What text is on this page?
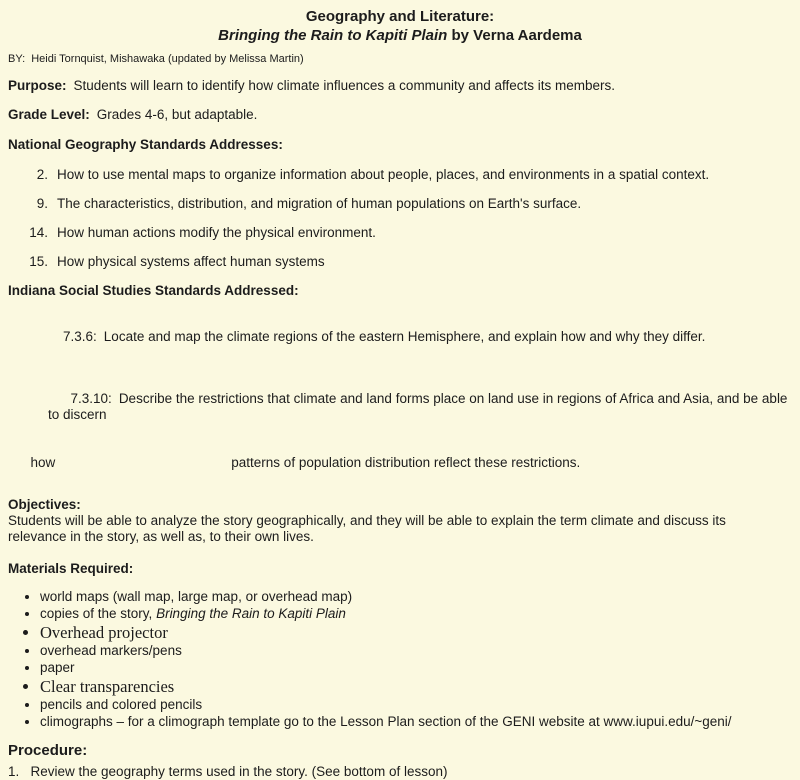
Geography and Literature:
Bringing the Rain to Kapiti Plain by Verna Aardema
BY:  Heidi Tornquist, Mishawaka (updated by Melissa Martin)
Purpose: Students will learn to identify how climate influences a community and affects its members.
Grade Level: Grades 4-6, but adaptable.
National Geography Standards Addresses:
2. How to use mental maps to organize information about people, places, and environments in a spatial context.
9. The characteristics, distribution, and migration of human populations on Earth's surface.
14. How human actions modify the physical environment.
15. How physical systems affect human systems
Indiana Social Studies Standards Addressed:

7.3.6: Locate and map the climate regions of the eastern Hemisphere, and explain how and why they differ.

7.3.10: Describe the restrictions that climate and land forms place on land use in regions of Africa and Asia, and be able to discern

how	patterns of population distribution reflect these restrictions.

Objectives:
Students will be able to analyze the story geographically, and they will be able to explain the term climate and discuss its relevance in the story, as well as, to their own lives.
Materials Required:
• world maps (wall map, large map, or overhead map)
• copies of the story, Bringing the Rain to Kapiti Plain
• Overhead projector
• overhead markers/pens
• paper
• Clear transparencies
• pencils and colored pencils
• climographs – for a climograph template go to the Lesson Plan section of the GENI website at www.iupui.edu/~geni/
Procedure:
1.   Review the geography terms used in the story. (See bottom of lesson)
